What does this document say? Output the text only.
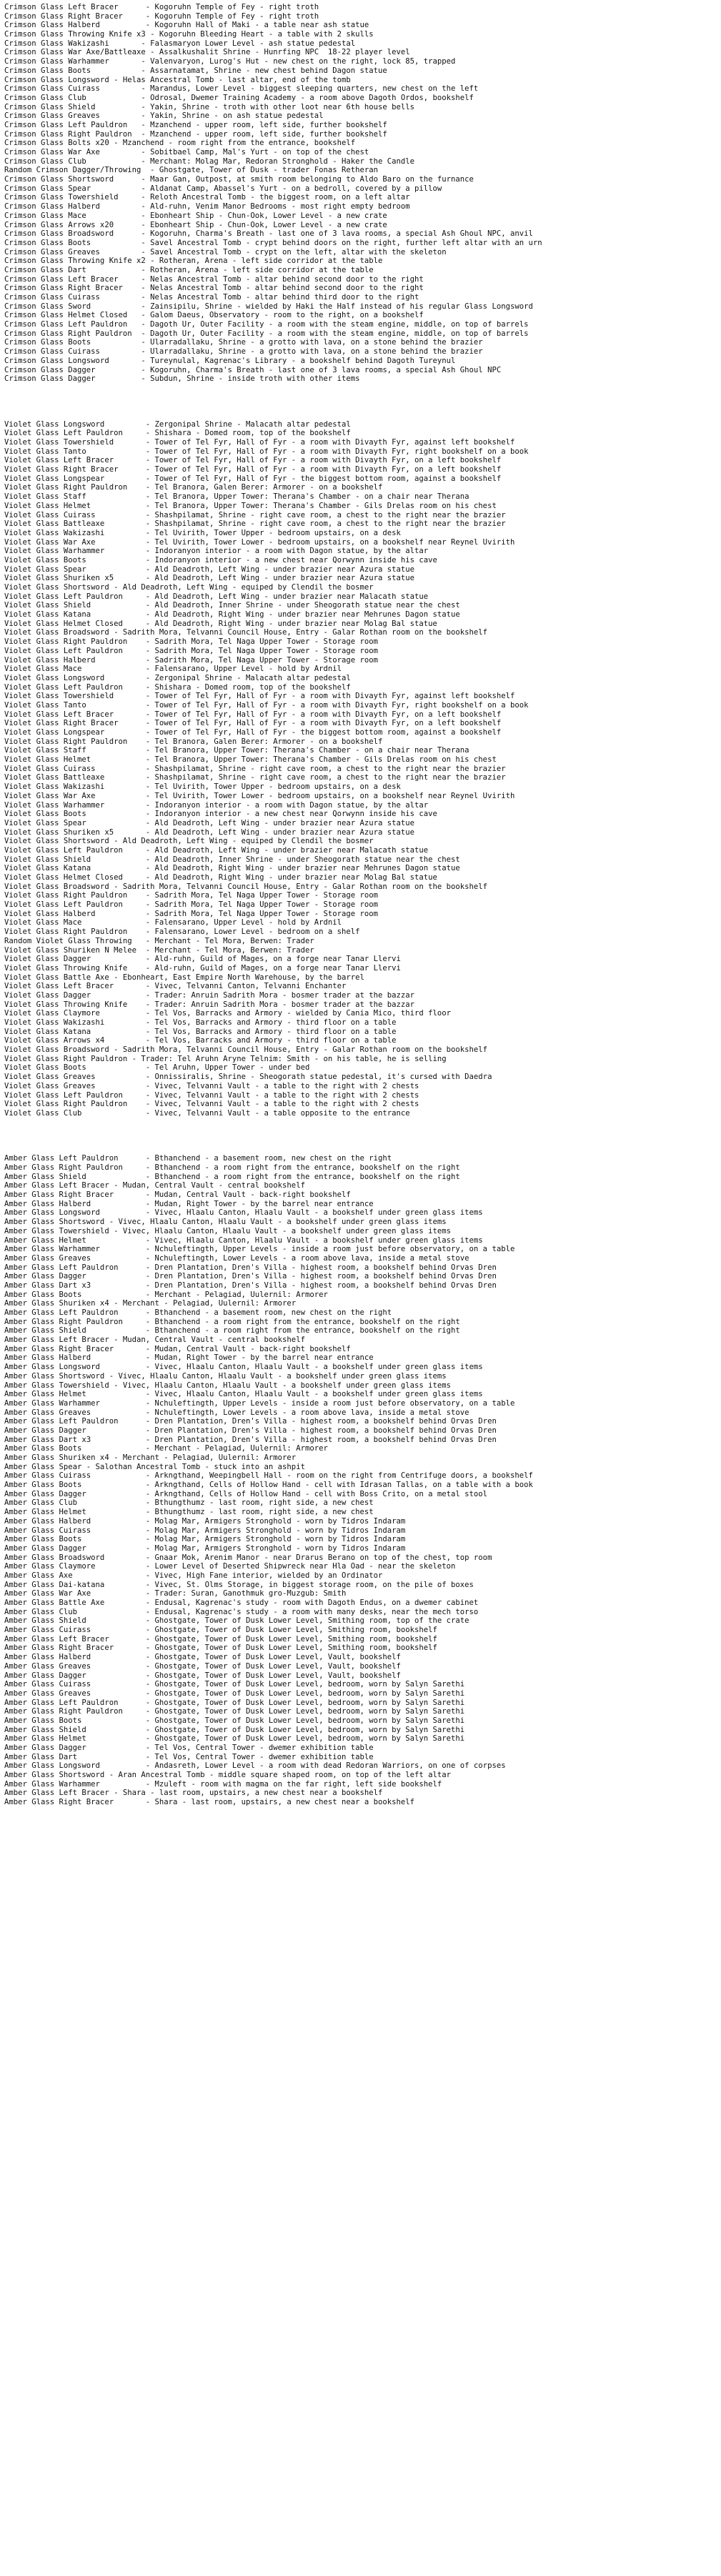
Crimson Glass Left Bracer      - Kogoruhn Temple of Fey - right troth
Crimson Glass Right Bracer     - Kogoruhn Temple of Fey - right troth
Crimson Glass Halberd          - Kogoruhn Hall of Maki - a table near ash statue
Crimson Glass Throwing Knife x3 - Kogoruhn Bleeding Heart - a table with 2 skulls
Crimson Glass Wakizashi       - Falasmaryon Lower Level - ash statue pedestal
Crimson Glass War Axe/Battleaxe - Assalkushalit Shrine - Hunrfing NPC  18-22 player level
Crimson Glass Warhammer       - Valenvaryon, Lurog's Hut - new chest on the right, lock 85, trapped
Crimson Glass Boots           - Assarnatamat, Shrine - new chest behind Dagon statue
Crimson Glass Longsword - Helas Ancestral Tomb - last altar, end of the tomb
Crimson Glass Cuirass         - Marandus, Lower Level - biggest sleeping quarters, new chest on the left
Crimson Glass Club            - Odrosal, Dwemer Training Academy - a room above Dagoth Ordos, bookshelf
Crimson Glass Shield          - Yakin, Shrine - troth with other loot near 6th house bells
Crimson Glass Greaves         - Yakin, Shrine - on ash statue pedestal
Crimson Glass Left Pauldron   - Mzanchend - upper room, left side, further bookshelf
Crimson Glass Right Pauldron  - Mzanchend - upper room, left side, further bookshelf
Crimson Glass Bolts x20 - Mzanchend - room right from the entrance, bookshelf
Crimson Glass War Axe         - Sobitbael Camp, Mal's Yurt - on top of the chest
Crimson Glass Club            - Merchant: Molag Mar, Redoran Stronghold - Haker the Candle
Random Crimson Dagger/Throwing  - Ghostgate, Tower of Dusk - trader Fonas Retheran
Crimson Glass Shortsword      - Maar Gan, Outpost, at smith room belonging to Aldo Baro on the furnance
Crimson Glass Spear           - Aldanat Camp, Abassel's Yurt - on a bedroll, covered by a pillow
Crimson Glass Towershield     - Reloth Ancestral Tomb - the biggest room, on a left altar
Crimson Glass Halberd         - Ald-ruhn, Venim Manor Bedrooms - most right empty bedroom
Crimson Glass Mace            - Ebonheart Ship - Chun-Ook, Lower Level - a new crate
Crimson Glass Arrows x20      - Ebonheart Ship - Chun-Ook, Lower Level - a new crate
Crimson Glass Broadsword      - Kogoruhn, Charma's Breath - last one of 3 lava rooms, a special Ash Ghoul NPC, anvil
Crimson Glass Boots           - Savel Ancestral Tomb - crypt behind doors on the right, further left altar with an urn
Crimson Glass Greaves         - Savel Ancestral Tomb - crypt on the left, altar with the skeleton
Crimson Glass Throwing Knife x2 - Rotheran, Arena - left side corridor at the table
Crimson Glass Dart            - Rotheran, Arena - left side corridor at the table
Crimson Glass Left Bracer     - Nelas Ancestral Tomb - altar behind second door to the right
Crimson Glass Right Bracer    - Nelas Ancestral Tomb - altar behind second door to the right
Crimson Glass Cuirass         - Nelas Ancestral Tomb - altar behind third door to the right
Crimson Glass Sword           - Zainsipilu, Shrine - wielded by Haki the Half instead of his regular Glass Longsword
Crimson Glass Helmet Closed   - Galom Daeus, Observatory - room to the right, on a bookshelf
Crimson Glass Left Pauldron   - Dagoth Ur, Outer Facility - a room with the steam engine, middle, on top of barrels
Crimson Glass Right Pauldron  - Dagoth Ur, Outer Facility - a room with the steam engine, middle, on top of barrels
Crimson Glass Boots           - Ularradallaku, Shrine - a grotto with lava, on a stone behind the brazier
Crimson Glass Cuirass         - Ularradallaku, Shrine - a grotto with lava, on a stone behind the brazier
Crimson Glass Longsword       - Tureynulal, Kagrenac's Library - a bookshelf behind Dagoth Tureynul
Crimson Glass Dagger          - Kogoruhn, Charma's Breath - last one of 3 lava rooms, a special Ash Ghoul NPC
Crimson Glass Dagger          - Subdun, Shrine - inside troth with other items
Violet Glass Longsword         - Zergonipal Shrine - Malacath altar pedestal
Violet Glass Left Pauldron     - Shishara - Domed room, top of the bookshelf
Violet Glass Towershield       - Tower of Tel Fyr, Hall of Fyr - a room with Divayth Fyr, against left bookshelf
Violet Glass Tanto             - Tower of Tel Fyr, Hall of Fyr - a room with Divayth Fyr, right bookshelf on a book
Violet Glass Left Bracer       - Tower of Tel Fyr, Hall of Fyr - a room with Divayth Fyr, on a left bookshelf
Violet Glass Right Bracer      - Tower of Tel Fyr, Hall of Fyr - a room with Divayth Fyr, on a left bookshelf
Violet Glass Longspear         - Tower of Tel Fyr, Hall of Fyr - the biggest bottom room, against a bookshelf
Violet Glass Right Pauldron    - Tel Branora, Galen Berer: Armorer - on a bookshelf
Violet Glass Staff             - Tel Branora, Upper Tower: Therana's Chamber - on a chair near Therana
Violet Glass Helmet            - Tel Branora, Upper Tower: Therana's Chamber - Gils Drelas room on his chest
Violet Glass Cuirass           - Shashpilamat, Shrine - right cave room, a chest to the right near the brazier
Violet Glass Battleaxe         - Shashpilamat, Shrine - right cave room, a chest to the right near the brazier
Violet Glass Wakizashi         - Tel Uvirith, Tower Upper - bedroom upstairs, on a desk
Violet Glass War Axe           - Tel Uvirith, Tower Lower - bedroom upstairs, on a bookshelf near Reynel Uvirith
Violet Glass Warhammer         - Indoranyon interior - a room with Dagon statue, by the altar
Violet Glass Boots             - Indoranyon interior - a new chest near Qorwynn inside his cave
Violet Glass Spear             - Ald Deadroth, Left Wing - under brazier near Azura statue
Violet Glass Shuriken x5       - Ald Deadroth, Left Wing - under brazier near Azura statue
Violet Glass Shortsword - Ald Deadroth, Left Wing - equiped by Clendil the bosmer
Violet Glass Left Pauldron     - Ald Deadroth, Left Wing - under brazier near Malacath statue
Violet Glass Shield            - Ald Deadroth, Inner Shrine - under Sheogorath statue near the chest
Violet Glass Katana            - Ald Deadroth, Right Wing - under brazier near Mehrunes Dagon statue
Violet Glass Helmet Closed     - Ald Deadroth, Right Wing - under brazier near Molag Bal statue
Violet Glass Broadsword - Sadrith Mora, Telvanni Council House, Entry - Galar Rothan room on the bookshelf
Violet Glass Right Pauldron    - Sadrith Mora, Tel Naga Upper Tower - Storage room
Violet Glass Left Pauldron     - Sadrith Mora, Tel Naga Upper Tower - Storage room
Violet Glass Halberd           - Sadrith Mora, Tel Naga Upper Tower - Storage room
Violet Glass Mace              - Falensarano, Upper Level - hold by Ardnil
Violet Glass Longsword         - Zergonipal Shrine - Malacath altar pedestal
Violet Glass Left Pauldron     - Shishara - Domed room, top of the bookshelf
Violet Glass Towershield       - Tower of Tel Fyr, Hall of Fyr - a room with Divayth Fyr, against left bookshelf
Violet Glass Tanto             - Tower of Tel Fyr, Hall of Fyr - a room with Divayth Fyr, right bookshelf on a book
Violet Glass Left Bracer       - Tower of Tel Fyr, Hall of Fyr - a room with Divayth Fyr, on a left bookshelf
Violet Glass Right Bracer      - Tower of Tel Fyr, Hall of Fyr - a room with Divayth Fyr, on a left bookshelf
Violet Glass Longspear         - Tower of Tel Fyr, Hall of Fyr - the biggest bottom room, against a bookshelf
Violet Glass Right Pauldron    - Tel Branora, Galen Berer: Armorer - on a bookshelf
Violet Glass Staff             - Tel Branora, Upper Tower: Therana's Chamber - on a chair near Therana
Violet Glass Helmet            - Tel Branora, Upper Tower: Therana's Chamber - Gils Drelas room on his chest
Violet Glass Cuirass           - Shashpilamat, Shrine - right cave room, a chest to the right near the brazier
Violet Glass Battleaxe         - Shashpilamat, Shrine - right cave room, a chest to the right near the brazier
Violet Glass Wakizashi         - Tel Uvirith, Tower Upper - bedroom upstairs, on a desk
Violet Glass War Axe           - Tel Uvirith, Tower Lower - bedroom upstairs, on a bookshelf near Reynel Uvirith
Violet Glass Warhammer         - Indoranyon interior - a room with Dagon statue, by the altar
Violet Glass Boots             - Indoranyon interior - a new chest near Qorwynn inside his cave
Violet Glass Spear             - Ald Deadroth, Left Wing - under brazier near Azura statue
Violet Glass Shuriken x5       - Ald Deadroth, Left Wing - under brazier near Azura statue
Violet Glass Shortsword - Ald Deadroth, Left Wing - equiped by Clendil the bosmer
Violet Glass Left Pauldron     - Ald Deadroth, Left Wing - under brazier near Malacath statue
Violet Glass Shield            - Ald Deadroth, Inner Shrine - under Sheogorath statue near the chest
Violet Glass Katana            - Ald Deadroth, Right Wing - under brazier near Mehrunes Dagon statue
Violet Glass Helmet Closed     - Ald Deadroth, Right Wing - under brazier near Molag Bal statue
Violet Glass Broadsword - Sadrith Mora, Telvanni Council House, Entry - Galar Rothan room on the bookshelf
Violet Glass Right Pauldron    - Sadrith Mora, Tel Naga Upper Tower - Storage room
Violet Glass Left Pauldron     - Sadrith Mora, Tel Naga Upper Tower - Storage room
Violet Glass Halberd           - Sadrith Mora, Tel Naga Upper Tower - Storage room
Violet Glass Mace              - Falensarano, Upper Level - hold by Ardnil
Violet Glass Right Pauldron    - Falensarano, Lower Level - bedroom on a shelf
Random Violet Glass Throwing   - Merchant - Tel Mora, Berwen: Trader
Violet Glass Shuriken N Melee  - Merchant - Tel Mora, Berwen: Trader
Violet Glass Dagger            - Ald-ruhn, Guild of Mages, on a forge near Tanar Llervi
Violet Glass Throwing Knife    - Ald-ruhn, Guild of Mages, on a forge near Tanar Llervi
Violet Glass Battle Axe - Ebonheart, East Empire North Warehouse, by the barrel
Violet Glass Left Bracer       - Vivec, Telvanni Canton, Telvanni Enchanter
Violet Glass Dagger            - Trader: Anruin Sadrith Mora - bosmer trader at the bazzar
Violet Glass Throwing Knife    - Trader: Anruin Sadrith Mora - bosmer trader at the bazzar
Violet Glass Claymore          - Tel Vos, Barracks and Armory - wielded by Cania Mico, third floor
Violet Glass Wakizashi         - Tel Vos, Barracks and Armory - third floor on a table
Violet Glass Katana            - Tel Vos, Barracks and Armory - third floor on a table
Violet Glass Arrows x4         - Tel Vos, Barracks and Armory - third floor on a table
Violet Glass Broadsword - Sadrith Mora, Telvanni Council House, Entry - Galar Rothan room on the bookshelf
Violet Glass Right Pauldron - Trader: Tel Aruhn Aryne Telnim: Smith - on his table, he is selling
Violet Glass Boots             - Tel Aruhn, Upper Tower - under bed
Violet Glass Greaves           - Onnissiralis, Shrine - Sheogorath statue pedestal, it's cursed with Daedra
Violet Glass Greaves           - Vivec, Telvanni Vault - a table to the right with 2 chests
Violet Glass Left Pauldron     - Vivec, Telvanni Vault - a table to the right with 2 chests
Violet Glass Right Pauldron    - Vivec, Telvanni Vault - a table to the right with 2 chests
Violet Glass Club              - Vivec, Telvanni Vault - a table opposite to the entrance
Amber Glass Left Pauldron      - Bthanchend - a basement room, new chest on the right
Amber Glass Right Pauldron     - Bthanchend - a room right from the entrance, bookshelf on the right
Amber Glass Shield             - Bthanchend - a room right from the entrance, bookshelf on the right
Amber Glass Left Bracer - Mudan, Central Vault - central bookshelf
Amber Glass Right Bracer       - Mudan, Central Vault - back-right bookshelf
Amber Glass Halberd            - Mudan, Right Tower - by the barrel near entrance
Amber Glass Longsword          - Vivec, Hlaalu Canton, Hlaalu Vault - a bookshelf under green glass items
Amber Glass Shortsword - Vivec, Hlaalu Canton, Hlaalu Vault - a bookshelf under green glass items
Amber Glass Towershield - Vivec, Hlaalu Canton, Hlaalu Vault - a bookshelf under green glass items
Amber Glass Helmet             - Vivec, Hlaalu Canton, Hlaalu Vault - a bookshelf under green glass items
Amber Glass Warhammer          - Nchuleftingth, Upper Levels - inside a room just before observatory, on a table
Amber Glass Greaves            - Nchuleftingth, Lower Levels - a room above lava, inside a metal stove
Amber Glass Left Pauldron      - Dren Plantation, Dren's Villa - highest room, a bookshelf behind Orvas Dren
Amber Glass Dagger             - Dren Plantation, Dren's Villa - highest room, a bookshelf behind Orvas Dren
Amber Glass Dart x3            - Dren Plantation, Dren's Villa - highest room, a bookshelf behind Orvas Dren
Amber Glass Boots              - Merchant - Pelagiad, Uulernil: Armorer
Amber Glass Shuriken x4 - Merchant - Pelagiad, Uulernil: Armorer
Amber Glass Left Pauldron      - Bthanchend - a basement room, new chest on the right
Amber Glass Right Pauldron     - Bthanchend - a room right from the entrance, bookshelf on the right
Amber Glass Shield             - Bthanchend - a room right from the entrance, bookshelf on the right
Amber Glass Left Bracer - Mudan, Central Vault - central bookshelf
Amber Glass Right Bracer       - Mudan, Central Vault - back-right bookshelf
Amber Glass Halberd            - Mudan, Right Tower - by the barrel near entrance
Amber Glass Longsword          - Vivec, Hlaalu Canton, Hlaalu Vault - a bookshelf under green glass items
Amber Glass Shortsword - Vivec, Hlaalu Canton, Hlaalu Vault - a bookshelf under green glass items
Amber Glass Towershield - Vivec, Hlaalu Canton, Hlaalu Vault - a bookshelf under green glass items
Amber Glass Helmet             - Vivec, Hlaalu Canton, Hlaalu Vault - a bookshelf under green glass items
Amber Glass Warhammer          - Nchuleftingth, Upper Levels - inside a room just before observatory, on a table
Amber Glass Greaves            - Nchuleftingth, Lower Levels - a room above lava, inside a metal stove
Amber Glass Left Pauldron      - Dren Plantation, Dren's Villa - highest room, a bookshelf behind Orvas Dren
Amber Glass Dagger             - Dren Plantation, Dren's Villa - highest room, a bookshelf behind Orvas Dren
Amber Glass Dart x3            - Dren Plantation, Dren's Villa - highest room, a bookshelf behind Orvas Dren
Amber Glass Boots              - Merchant - Pelagiad, Uulernil: Armorer
Amber Glass Shuriken x4 - Merchant - Pelagiad, Uulernil: Armorer
Amber Glass Spear - Salothan Ancestral Tomb - stuck into an ashpit
Amber Glass Cuirass            - Arkngthand, Weepingbell Hall - room on the right from Centrifuge doors, a bookshelf
Amber Glass Boots              - Arkngthand, Cells of Hollow Hand - cell with Idrasan Tallas, on a table with a book
Amber Glass Dagger             - Arkngthand, Cells of Hollow Hand - cell with Boss Crito, on a metal stool
Amber Glass Club               - Bthungthumz - last room, right side, a new chest
Amber Glass Helmet             - Bthungthumz - last room, right side, a new chest
Amber Glass Halberd            - Molag Mar, Armigers Stronghold - worn by Tidros Indaram
Amber Glass Cuirass            - Molag Mar, Armigers Stronghold - worn by Tidros Indaram
Amber Glass Boots              - Molag Mar, Armigers Stronghold - worn by Tidros Indaram
Amber Glass Dagger             - Molag Mar, Armigers Stronghold - worn by Tidros Indaram
Amber Glass Broadsword         - Gnaar Mok, Arenim Manor - near Drarus Berano on top of the chest, top room
Amber Glass Claymore           - Lower Level of Deserted Shipwreck near Hla Oad - near the skeleton
Amber Glass Axe                - Vivec, High Fane interior, wielded by an Ordinator
Amber Glass Dai-katana         - Vivec, St. Olms Storage, in biggest storage room, on the pile of boxes
Amber Glass War Axe            - Trader: Suran, Ganothmuk gro-Muzgub: Smith
Amber Glass Battle Axe         - Endusal, Kagrenac's study - room with Dagoth Endus, on a dwemer cabinet
Amber Glass Club               - Endusal, Kagrenac's study - a room with many desks, near the mech torso
Amber Glass Shield             - Ghostgate, Tower of Dusk Lower Level, Smithing room, top of the crate
Amber Glass Cuirass            - Ghostgate, Tower of Dusk Lower Level, Smithing room, bookshelf
Amber Glass Left Bracer        - Ghostgate, Tower of Dusk Lower Level, Smithing room, bookshelf
Amber Glass Right Bracer       - Ghostgate, Tower of Dusk Lower Level, Smithing room, bookshelf
Amber Glass Halberd            - Ghostgate, Tower of Dusk Lower Level, Vault, bookshelf
Amber Glass Greaves            - Ghostgate, Tower of Dusk Lower Level, Vault, bookshelf
Amber Glass Dagger             - Ghostgate, Tower of Dusk Lower Level, Vault, bookshelf
Amber Glass Cuirass            - Ghostgate, Tower of Dusk Lower Level, bedroom, worn by Salyn Sarethi
Amber Glass Greaves            - Ghostgate, Tower of Dusk Lower Level, bedroom, worn by Salyn Sarethi
Amber Glass Left Pauldron      - Ghostgate, Tower of Dusk Lower Level, bedroom, worn by Salyn Sarethi
Amber Glass Right Pauldron     - Ghostgate, Tower of Dusk Lower Level, bedroom, worn by Salyn Sarethi
Amber Glass Boots              - Ghostgate, Tower of Dusk Lower Level, bedroom, worn by Salyn Sarethi
Amber Glass Shield             - Ghostgate, Tower of Dusk Lower Level, bedroom, worn by Salyn Sarethi
Amber Glass Helmet             - Ghostgate, Tower of Dusk Lower Level, bedroom, worn by Salyn Sarethi
Amber Glass Dagger             - Tel Vos, Central Tower - dwemer exhibition table
Amber Glass Dart               - Tel Vos, Central Tower - dwemer exhibition table
Amber Glass Longsword          - Andasreth, Lower Level - a room with dead Redoran Warriors, on one of corpses
Amber Glass Shortsword - Aran Ancestral Tomb - middle square shaped room, on top of the left altar
Amber Glass Warhammer          - Mzuleft - room with magma on the far right, left side bookshelf
Amber Glass Left Bracer - Shara - last room, upstairs, a new chest near a bookshelf
Amber Glass Right Bracer       - Shara - last room, upstairs, a new chest near a bookshelf
